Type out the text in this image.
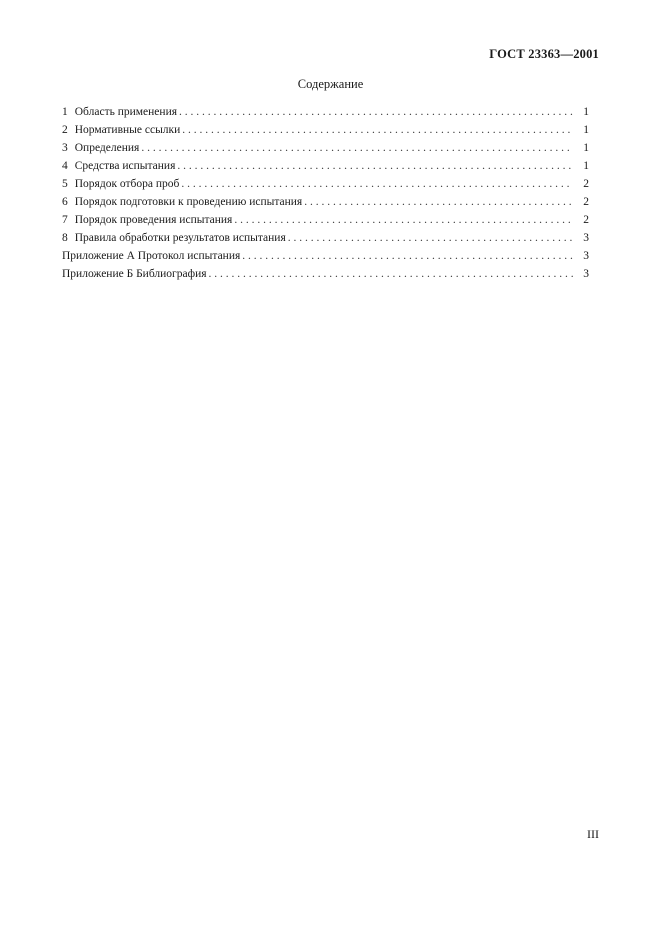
ГОСТ 23363—2001
Содержание
1 Область применения . . .	1
2 Нормативные ссылки . . .	1
3 Определения . . .	1
4 Средства испытания . . .	1
5 Порядок отбора проб . . .	2
6 Порядок подготовки к проведению испытания . . .	2
7 Порядок проведения испытания . . .	2
8 Правила обработки результатов испытания . . .	3
Приложение А Протокол испытания . . .	3
Приложение Б Библиография . . .	3
III
